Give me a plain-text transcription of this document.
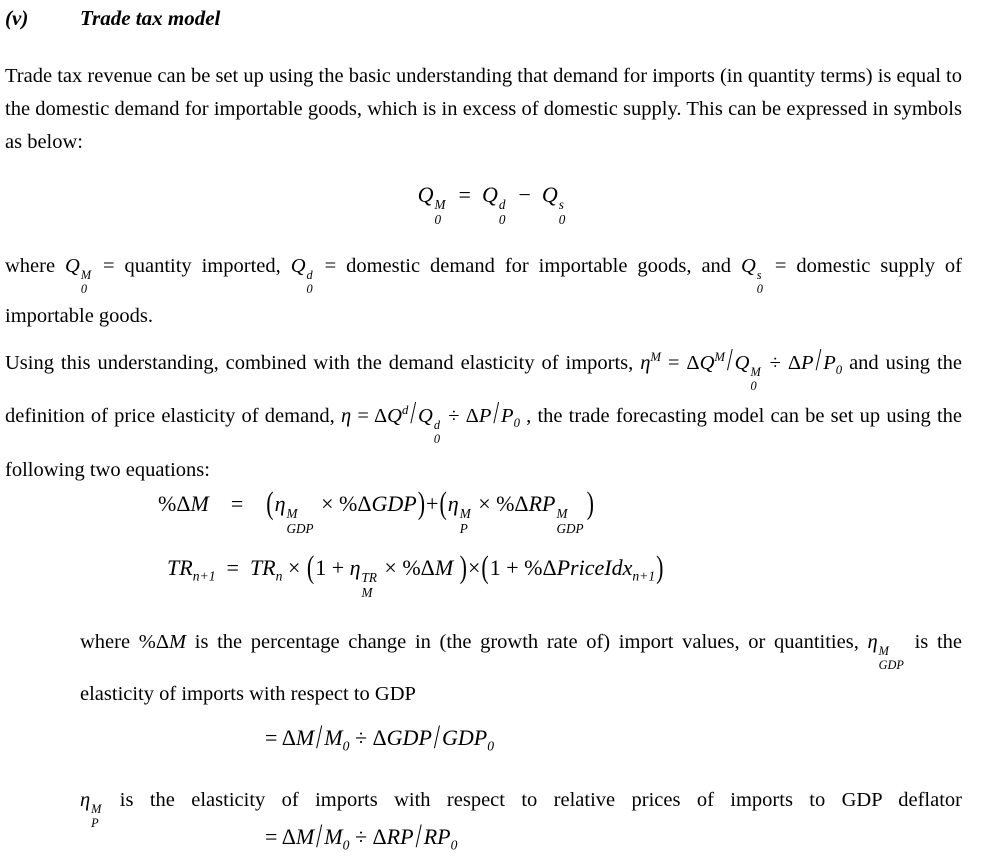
(v)	Trade tax model
Trade tax revenue can be set up using the basic understanding that demand for imports (in quantity terms) is equal to the domestic demand for importable goods, which is in excess of domestic supply. This can be expressed in symbols as below:
Q M
0
 = Q d
0
 − Q s
0
where Q M
0
= quantity imported, Q d
0
= domestic demand for importable goods, and Q s
0
= domestic supply of importable goods.
Using this understanding, combined with the demand elasticity of imports, $\eta^M = \Delta Q^M/Q$ M
0
÷ $\Delta P/P_0$ and using the definition of price elasticity of demand, $\eta = \Delta Q^d/Q$ d
0
÷ $\Delta P/P_0$ , the trade forecasting model can be set up using the following two equations:
%ΔM = (η M
GDP
× %ΔGDP)+(η M
P
× %ΔRP M
GDP
)
$TR_{n+1}$ = $TR_n \times (1 + \eta$ TR
M
× %ΔM )×(1 + %ΔPriceIdx$_{n+1}$)
where %ΔM is the percentage change in (the growth rate of) import values, or quantities, η M
GDP
is the elasticity of imports with respect to GDP
= $\Delta M/M_0 \div \Delta GDP/GDP_0$
η M
P
is the elasticity of imports with respect to relative prices of imports to GDP deflator
= $\Delta M/M_0 \div \Delta RP/RP_0$
